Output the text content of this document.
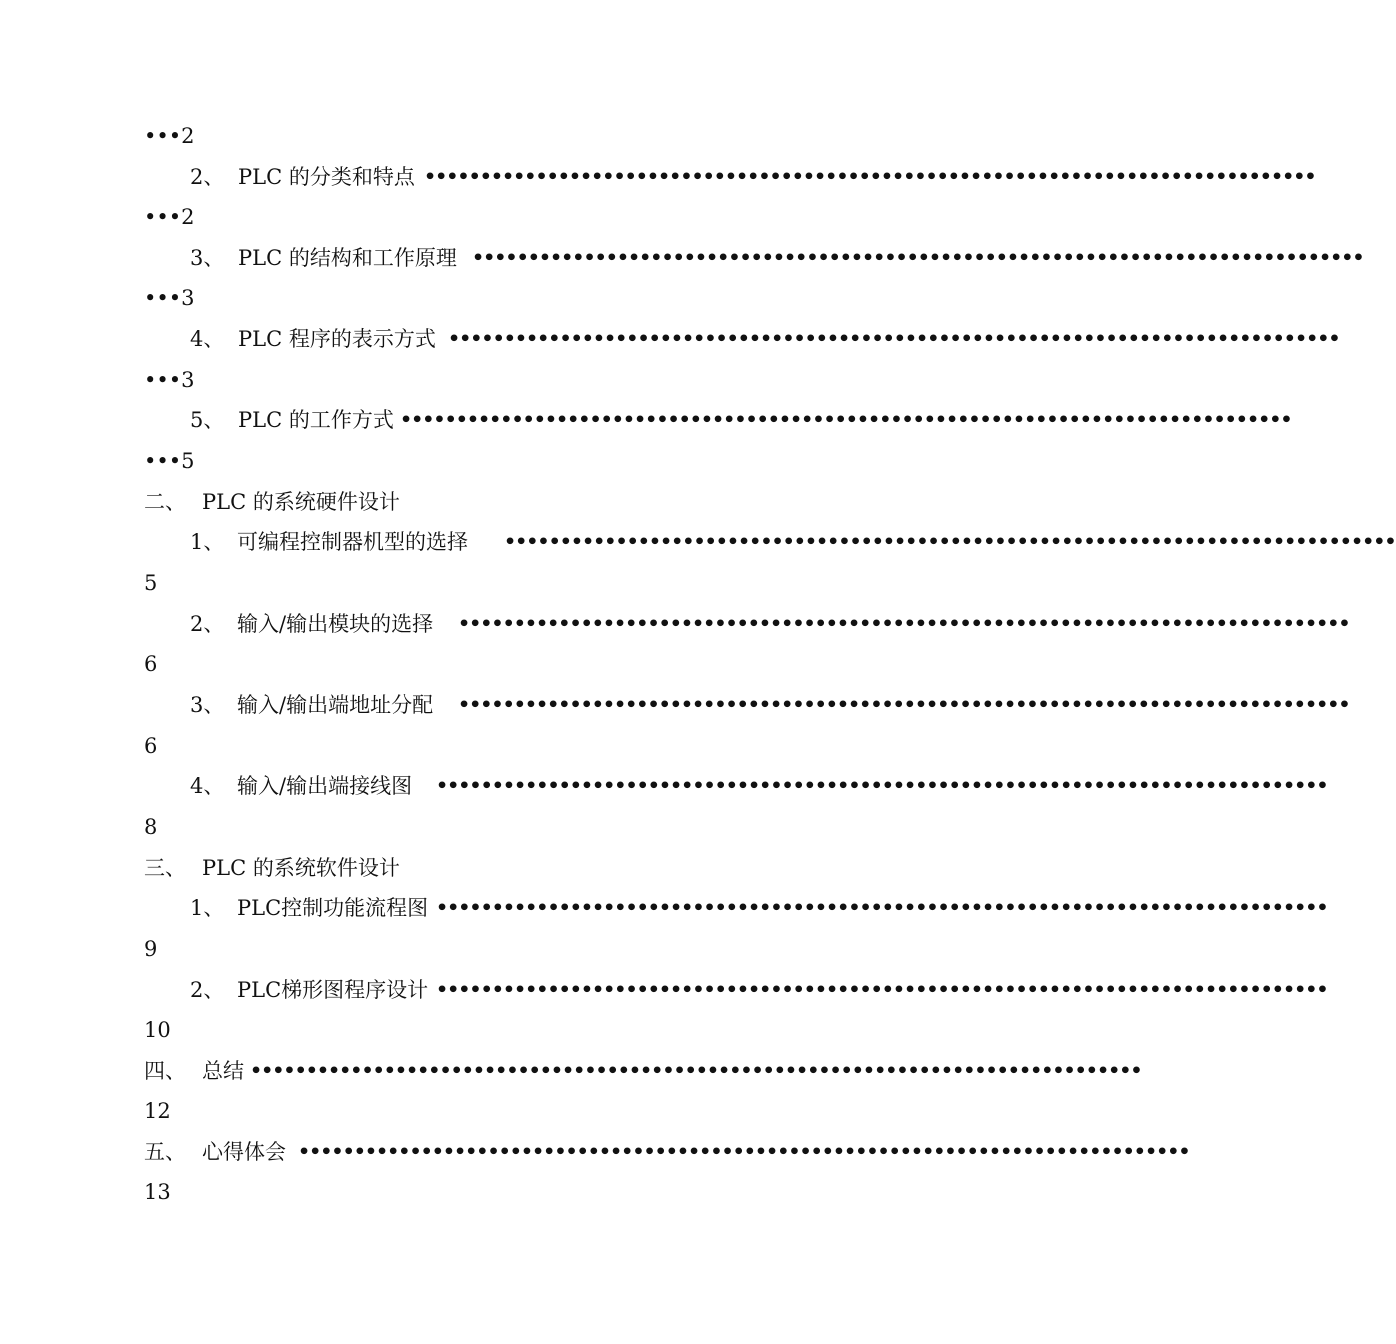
•••2
2、 PLC 的分类和特点 ••••••••••••••••••••••••••••••••••••••••••••••••••••••••••••••••••••••••••••••••
•••2
3、 PLC 的结构和工作原理 ••••••••••••••••••••••••••••••••••••••••••••••••••••••••••••••••••••••••••••••••
•••3
4、 PLC 程序的表示方式 ••••••••••••••••••••••••••••••••••••••••••••••••••••••••••••••••••••••••••••••••
•••3
5、 PLC 的工作方式 ••••••••••••••••••••••••••••••••••••••••••••••••••••••••••••••••••••••••••••••••
•••5
二、 PLC 的系统硬件设计
1、 可编程控制器机型的选择 ••••••••••••••••••••••••••••••••••••••••••••••••••••••••••••••••••••••••••••••••
5
2、 输入/输出模块的选择 ••••••••••••••••••••••••••••••••••••••••••••••••••••••••••••••••••••••••••••••••
6
3、 输入/输出端地址分配 ••••••••••••••••••••••••••••••••••••••••••••••••••••••••••••••••••••••••••••••••
6
4、 输入/输出端接线图 ••••••••••••••••••••••••••••••••••••••••••••••••••••••••••••••••••••••••••••••••
8
三、 PLC 的系统软件设计
1、 PLC控制功能流程图 ••••••••••••••••••••••••••••••••••••••••••••••••••••••••••••••••••••••••••••••••
9
2、 PLC梯形图程序设计 ••••••••••••••••••••••••••••••••••••••••••••••••••••••••••••••••••••••••••••••••
10
四、 总结 ••••••••••••••••••••••••••••••••••••••••••••••••••••••••••••••••••••••••••••••••
12
五、 心得体会 ••••••••••••••••••••••••••••••••••••••••••••••••••••••••••••••••••••••••••••••••
13
